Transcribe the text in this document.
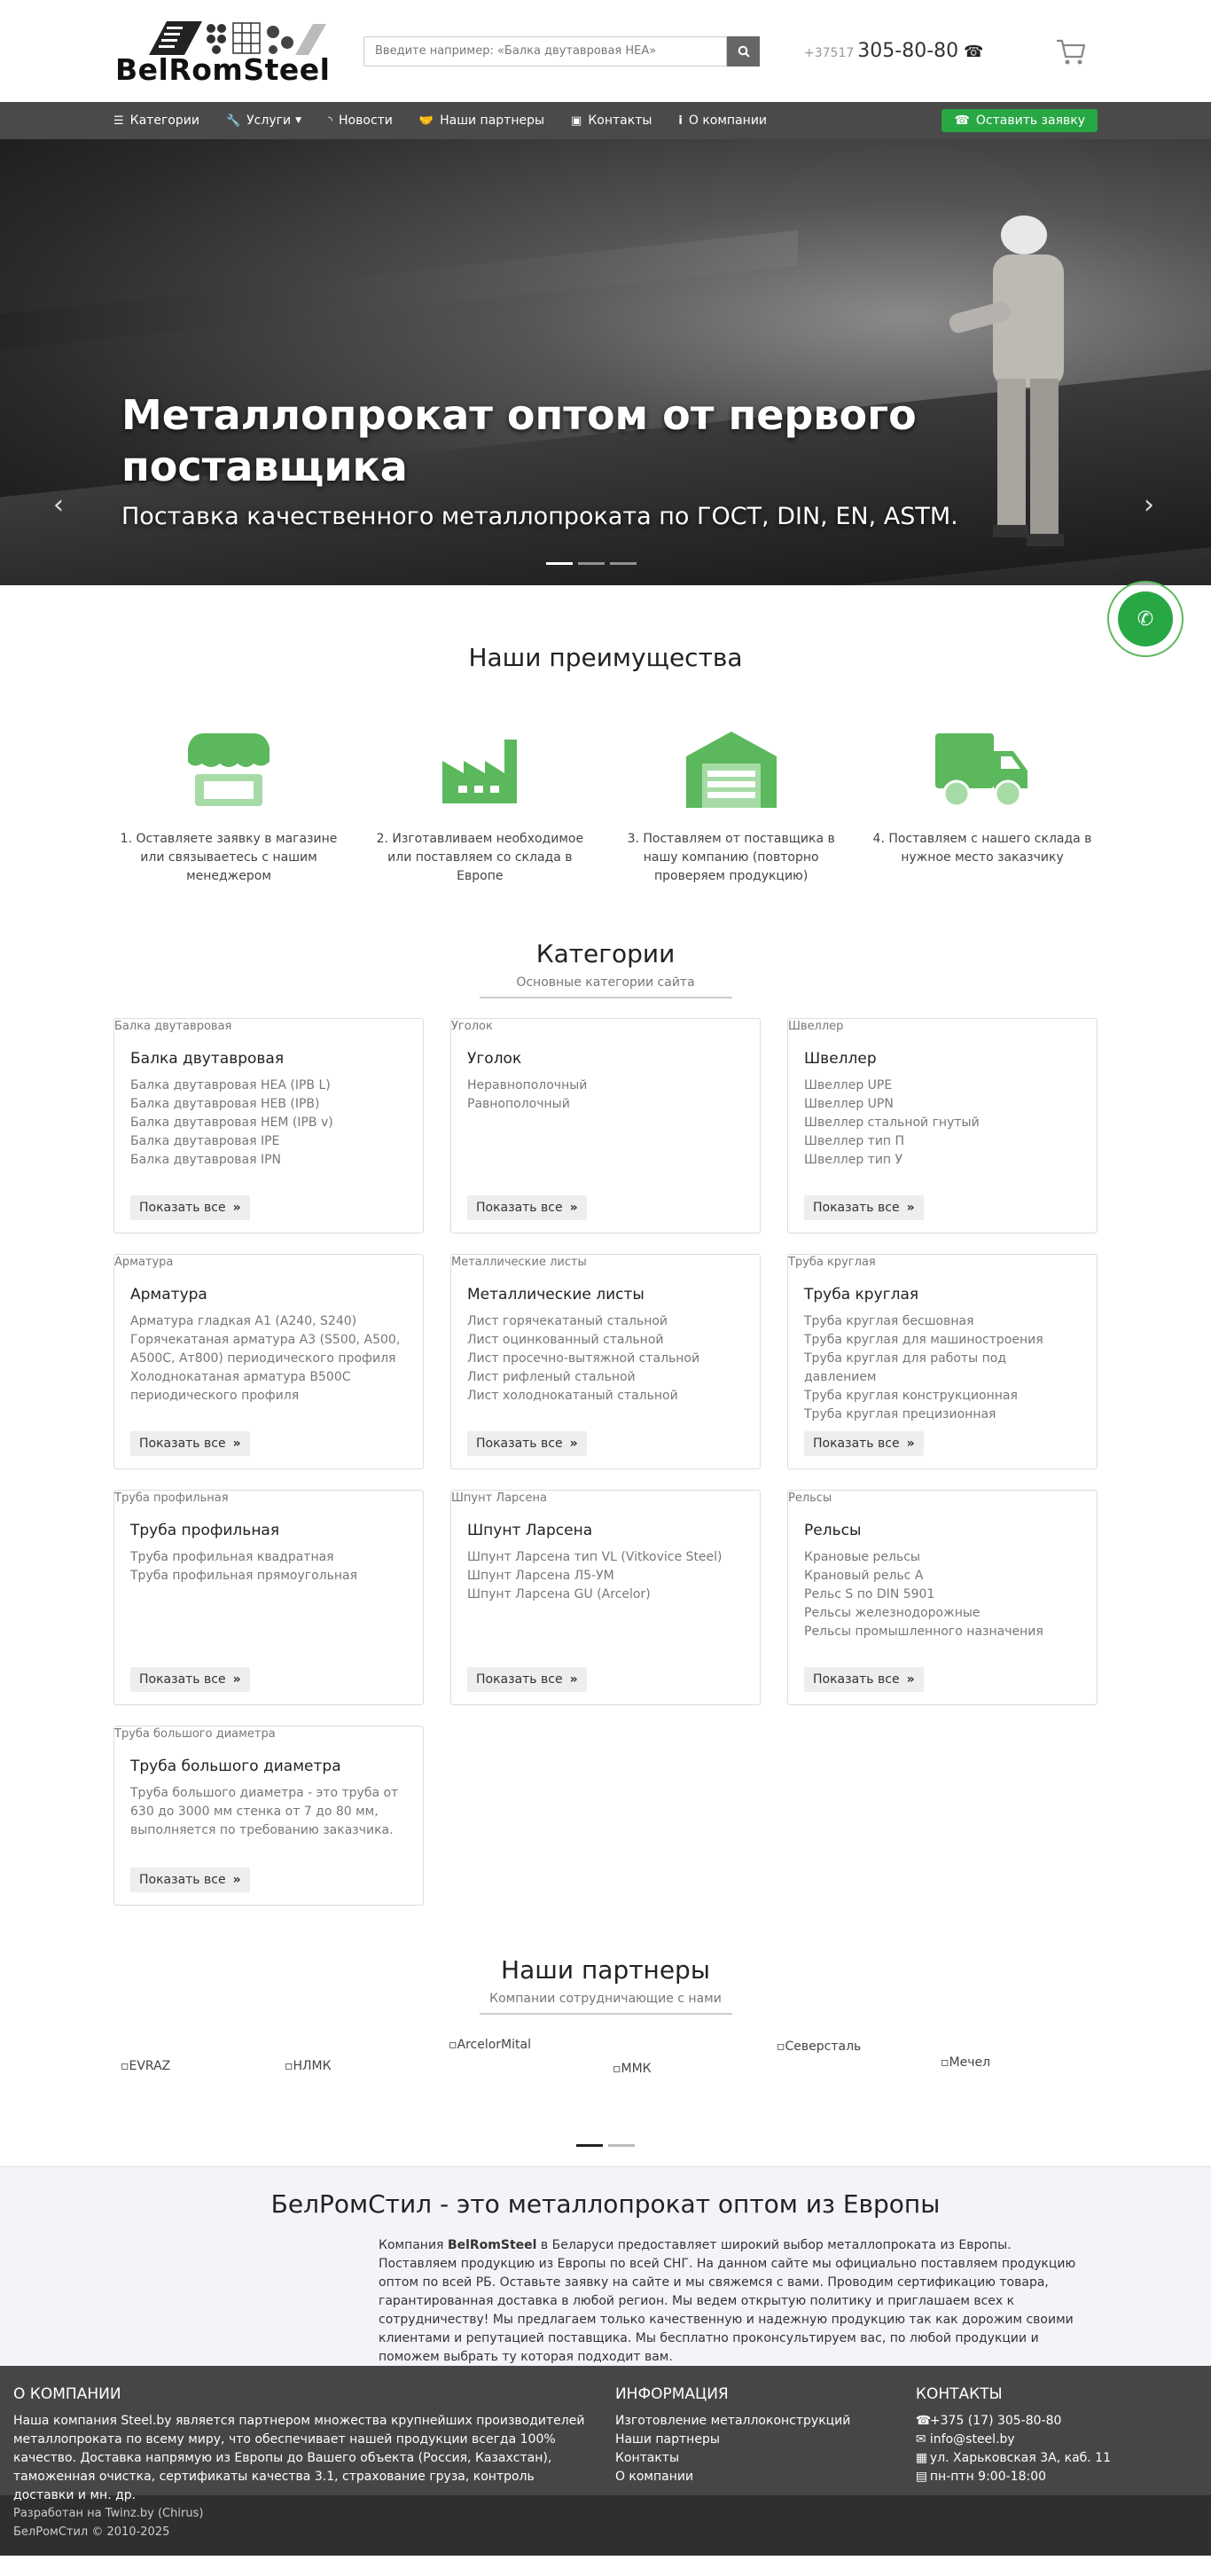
BelRomSteel
Введите например: «Балка двутавровая HEA»	+37517 305-80-80 ☎
☰ Категории 🔧 Услуги ▼ ◝ Новости 🤝 Наши партнеры ▣ Контакты i О компании	☎ Оставить заявку
‹	›
Металлопрокат оптом от первого поставщика
Поставка качественного металлопроката по ГОСТ, DIN, EN, ASTM.
✆
Наши преимущества
1. Оставляете заявку в магазине или связываетесь с нашим менеджером
2. Изготавливаем необходимое или поставляем со склада в Европе
3. Поставляем от поставщика в нашу компанию (повторно проверяем продукцию)
4. Поставляем с нашего склада в нужное место заказчику
Категории
Основные категории сайта
Балка двутавровая
Балка двутавровая
Балка двутавровая HEA (IPB L)
Балка двутавровая HEB (IPB)
Балка двутавровая HEM (IPB v)
Балка двутавровая IPE
Балка двутавровая IPN
Показать все »
Уголок
Уголок
Неравнополочный
Равнополочный
Показать все »
Швеллер
Швеллер
Швеллер UPE
Швеллер UPN
Швеллер стальной гнутый
Швеллер тип П
Швеллер тип У
Показать все »
Арматура
Арматура
Арматура гладкая А1 (А240, S240)
Горячекатаная арматура А3 (S500, A500, A500C, Ат800) периодического профиля
Холоднокатаная арматура В500С периодического профиля
Показать все »
Металлические листы
Металлические листы
Лист горячекатаный стальной
Лист оцинкованный стальной
Лист просечно-вытяжной стальной
Лист рифленый стальной
Лист холоднокатаный стальной
Показать все »
Труба круглая
Труба круглая
Труба круглая бесшовная
Труба круглая для машиностроения
Труба круглая для работы под давлением
Труба круглая конструкционная
Труба круглая прецизионная
Показать все »
Труба профильная
Труба профильная
Труба профильная квадратная
Труба профильная прямоугольная
Показать все »
Шпунт Ларсена
Шпунт Ларсена
Шпунт Ларсена тип VL (Vitkovice Steel)
Шпунт Ларсена Л5-УМ
Шпунт Ларсена GU (Arcelor)
Показать все »
Рельсы
Рельсы
Крановые рельсы
Крановый рельс А
Рельс S по DIN 5901
Рельсы железнодорожные
Рельсы промышленного назначения
Показать все »
Труба большого диаметра
Труба большого диаметра
Труба большого диаметра - это труба от 630 до 3000 мм стенка от 7 до 80 мм, выполняется по требованию заказчика.
Показать все »
Наши партнеры
Компании сотрудничающие с нами
▫EVRAZ	▫НЛМК
▫ArcelorMital
▫ММК
▫Северсталь
▫Мечел
БелРомСтил - это металлопрокат оптом из Европы

Компания BelRomSteel в Беларуси предоставляет широкий выбор металлопроката из Европы. Поставляем продукцию из Европы по всей СНГ. На данном сайте мы официально поставляем продукцию оптом по всей РБ. Оставьте заявку на сайте и мы свяжемся с вами. Проводим сертификацию товара, гарантированная доставка в любой регион. Мы ведем открытую политику и приглашаем всех к сотрудничеству! Мы предлагаем только качественную и надежную продукцию так как дорожим своими клиентами и репутацией поставщика. Мы бесплатно проконсультируем вас, по любой продукции и поможем выбрать ту которая подходит вам.

О КОМПАНИИ
Наша компания Steel.by является партнером множества крупнейших производителей металлопроката по всему миру, что обеспечивает нашей продукции всегда 100% качество. Доставка напрямую из Европы до Вашего объекта (Россия, Казахстан), таможенная очистка, сертификаты качества 3.1, страхование груза, контроль доставки и мн. др.
ИНФОРМАЦИЯ
Изготовление металлоконструкций
Наши партнеры
Контакты
О компании
КОНТАКТЫ
☎+375 (17) 305-80-80
✉ info@steel.by
▦ ул. Харьковская 3А, каб. 11
▤ пн-птн 9:00-18:00
Разработан на Twinz.by (Chirus)
БелРомСтил © 2010-2025
